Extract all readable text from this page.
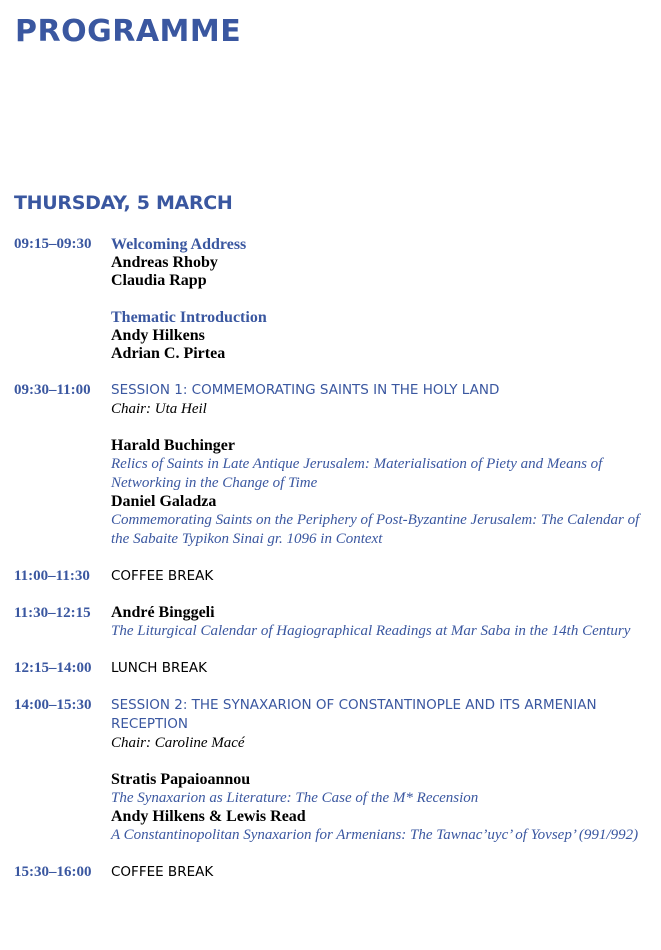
PROGRAMME
THURSDAY, 5 MARCH
09:15–09:30	Welcoming Address
Andreas Rhoby
Claudia Rapp
Thematic Introduction
Andy Hilkens
Adrian C. Pirtea
09:30–11:00	SESSION 1: COMMEMORATING SAINTS IN THE HOLY LAND
Chair: Uta Heil
Harald Buchinger
Relics of Saints in Late Antique Jerusalem: Materialisation of Piety and Means of Networking in the Change of Time
Daniel Galadza
Commemorating Saints on the Periphery of Post-Byzantine Jerusalem: The Calendar of the Sabaite Typikon Sinai gr. 1096 in Context
11:00–11:30	COFFEE BREAK
11:30–12:15	André Binggeli
The Liturgical Calendar of Hagiographical Readings at Mar Saba in the 14th Century
12:15–14:00	LUNCH BREAK
14:00–15:30	SESSION 2: THE SYNAXARION OF CONSTANTINOPLE AND ITS ARMENIAN RECEPTION
Chair: Caroline Macé
Stratis Papaioannou
The Synaxarion as Literature: The Case of the M* Recension
Andy Hilkens & Lewis Read
A Constantinopolitan Synaxarion for Armenians: The Tawnac’uyc’ of Yovsep’ (991/992)
15:30–16:00	COFFEE BREAK
